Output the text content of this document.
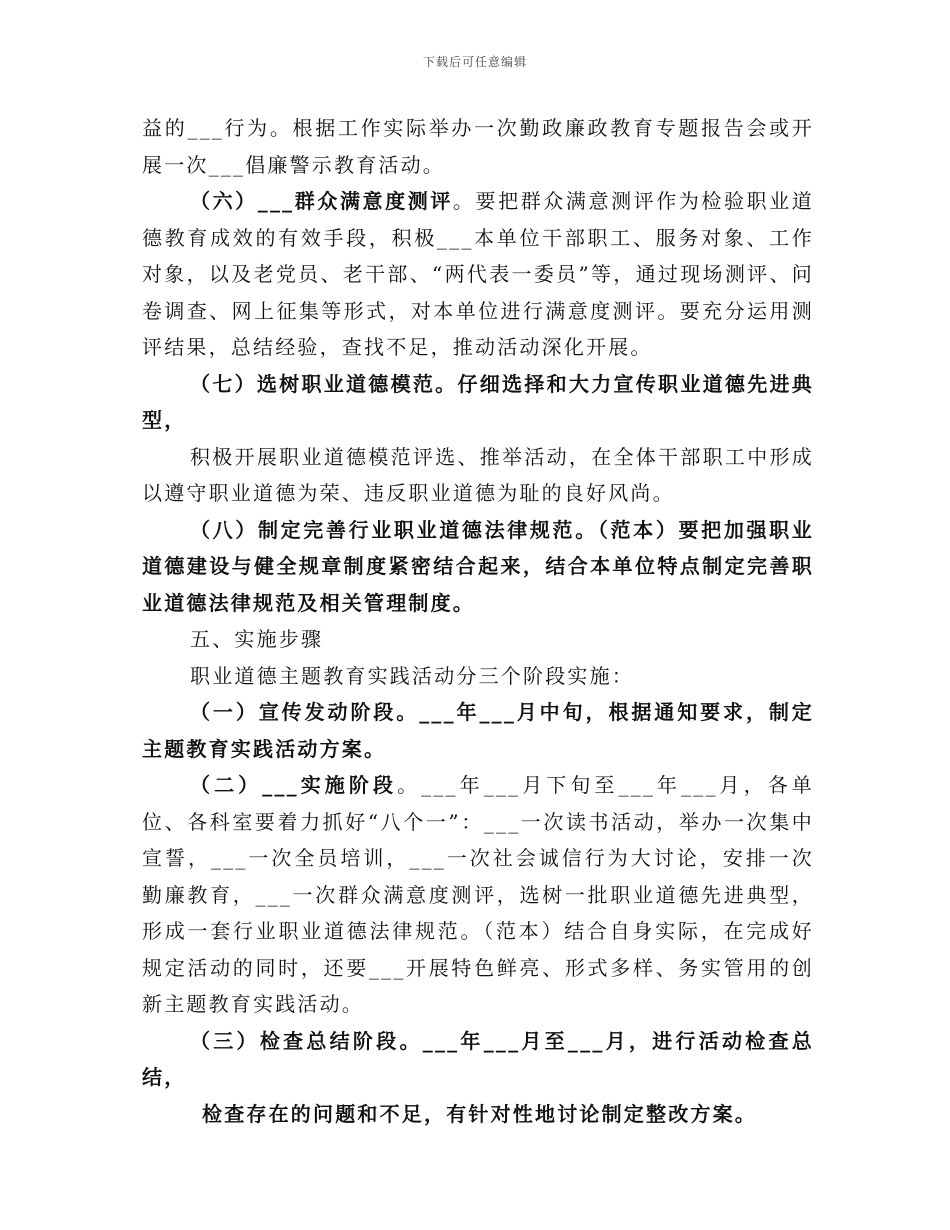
下载后可任意编辑

益的___行为。根据工作实际举办一次勤政廉政教育专题报告会或开展一次___倡廉警示教育活动。

（六）___群众满意度测评。要把群众满意测评作为检验职业道德教育成效的有效手段，积极___本单位干部职工、服务对象、工作对象，以及老党员、老干部、“两代表一委员”等，通过现场测评、问卷调查、网上征集等形式，对本单位进行满意度测评。要充分运用测评结果，总结经验，查找不足，推动活动深化开展。

（七）选树职业道德模范。仔细选择和大力宣传职业道德先进典型，

积极开展职业道德模范评选、推举活动，在全体干部职工中形成以遵守职业道德为荣、违反职业道德为耻的良好风尚。

（八）制定完善行业职业道德法律规范。（范本）要把加强职业道德建设与健全规章制度紧密结合起来，结合本单位特点制定完善职业道德法律规范及相关管理制度。

五、实施步骤

职业道德主题教育实践活动分三个阶段实施：

（一）宣传发动阶段。___年___月中旬，根据通知要求，制定主题教育实践活动方案。

（二）___实施阶段。___年___月下旬至___年___月，各单位、各科室要着力抓好“八个一”：___一次读书活动，举办一次集中宣誓，___一次全员培训，___一次社会诚信行为大讨论，安排一次勤廉教育，___一次群众满意度测评，选树一批职业道德先进典型，形成一套行业职业道德法律规范。（范本）结合自身实际，在完成好规定活动的同时，还要___开展特色鲜亮、形式多样、务实管用的创新主题教育实践活动。

（三）检查总结阶段。___年___月至___月，进行活动检查总结，

检查存在的问题和不足，有针对性地讨论制定整改方案。
